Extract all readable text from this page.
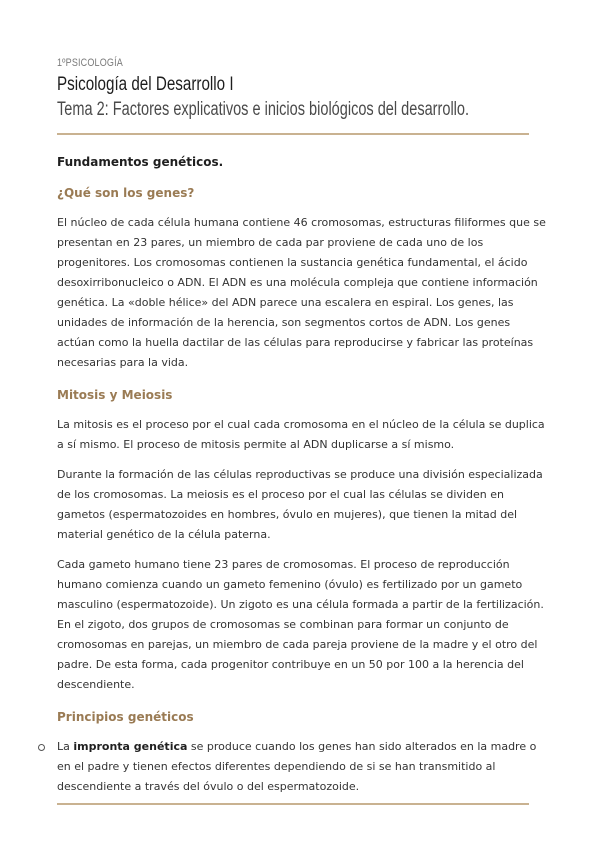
1ºPSICOLOGÍA
Psicología del Desarrollo I
Tema 2: Factores explicativos e inicios biológicos del desarrollo.

Fundamentos genéticos.

¿Qué son los genes?

El núcleo de cada célula humana contiene 46 cromosomas, estructuras filiformes que se presentan en 23 pares, un miembro de cada par proviene de cada uno de los progenitores. Los cromosomas contienen la sustancia genética fundamental, el ácido desoxirribonucleico o ADN. El ADN es una molécula compleja que contiene información genética. La «doble hélice» del ADN parece una escalera en espiral. Los genes, las unidades de información de la herencia, son segmentos cortos de ADN. Los genes actúan como la huella dactilar de las células para reproducirse y fabricar las proteínas necesarias para la vida.

Mitosis y Meiosis

La mitosis es el proceso por el cual cada cromosoma en el núcleo de la célula se duplica a sí mismo. El proceso de mitosis permite al ADN duplicarse a sí mismo.

Durante la formación de las células reproductivas se produce una división especializada de los cromosomas. La meiosis es el proceso por el cual las células se dividen en gametos (espermatozoides en hombres, óvulo en mujeres), que tienen la mitad del material genético de la célula paterna.

Cada gameto humano tiene 23 pares de cromosomas. El proceso de reproducción humano comienza cuando un gameto femenino (óvulo) es fertilizado por un gameto masculino (espermatozoide). Un zigoto es una célula formada a partir de la fertilización. En el zigoto, dos grupos de cromosomas se combinan para formar un conjunto de cromosomas en parejas, un miembro de cada pareja proviene de la madre y el otro del padre. De esta forma, cada progenitor contribuye en un 50 por 100 a la herencia del descendiente.

Principios genéticos

La impronta genética se produce cuando los genes han sido alterados en la madre o en el padre y tienen efectos diferentes dependiendo de si se han transmitido al descendiente a través del óvulo o del espermatozoide.
